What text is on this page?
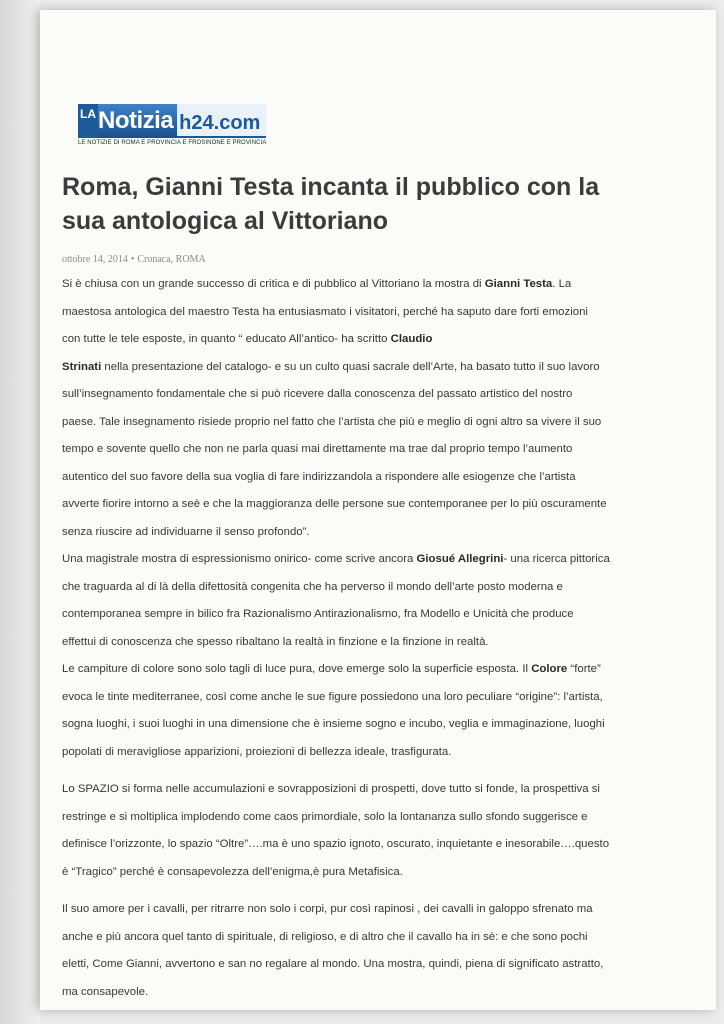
LA Notizia h24.com
LE NOTIZIE DI ROMA E PROVINCIA E FROSINONE E PROVINCIA
Roma, Gianni Testa incanta il pubblico con la sua antologica al Vittoriano
ottobre 14, 2014 • Cronaca, ROMA

Si è chiusa con un grande successo di critica e di pubblico al Vittoriano la mostra di Gianni Testa. La
maestosa antologica del maestro Testa ha entusiasmato i visitatori, perché ha saputo dare forti emozioni
con tutte le tele esposte, in quanto “ educato All’antico- ha scritto Claudio
Strinati nella presentazione del catalogo- e su un culto quasi sacrale dell’Arte, ha basato tutto il suo lavoro
sull’insegnamento fondamentale che si può ricevere dalla conoscenza del passato artistico del nostro
paese. Tale insegnamento risiede proprio nel fatto che l’artista che più e meglio di ogni altro sa vivere il suo
tempo e sovente quello che non ne parla quasi mai direttamente ma trae dal proprio tempo l’aumento
autentico del suo favore della sua voglia di fare indirizzandola a rispondere alle esiogenze che l’artista
avverte fiorire intorno a seè e che la maggioranza delle persone sue contemporanee per lo più oscuramente
senza riuscire ad individuarne il senso profondo”.

Una magistrale mostra di espressionismo onirico- come scrive ancora Giosué Allegrini- una ricerca pittorica
che traguarda al di là della difettosità congenita che ha perverso il mondo dell’arte posto moderna e
contemporanea sempre in bilico fra Razionalismo Antirazionalismo, fra Modello e Unicità che produce
effettui di conoscenza che spesso ribaltano la realtà in finzione e la finzione in realtà.

Le campiture di colore sono solo tagli di luce pura, dove emerge solo la superficie esposta. Il Colore “forte”
evoca le tinte mediterranee, così come anche le sue figure possiedono una loro peculiare “origine”: l’artista,
sogna luoghi, i suoi luoghi in una dimensione che è insieme sogno e incubo, veglia e immaginazione, luoghi
popolati di meravigliose apparizioni, proiezioni di bellezza ideale, trasfigurata.

Lo SPAZIO si forma nelle accumulazioni e sovrapposizioni di prospetti, dove tutto si fonde, la prospettiva si
restringe e si moltiplica implodendo come caos primordiale, solo la lontananza sullo sfondo suggerisce e
definisce l’orizzonte, lo spazio “Oltre”….ma è uno spazio ignoto, oscurato, inquietante e inesorabile….questo
è “Tragico” perché è consapevolezza dell’enigma,è pura Metafisica.

Il suo amore per i cavalli, per ritrarre non solo i corpi, pur così rapinosi , dei cavalli in galoppo sfrenato ma
anche e più ancora quel tanto di spirituale, di religioso, e di altro che il cavallo ha in sè: e che sono pochi
eletti, Come Gianni, avvertono e san no regalare al mondo. Una mostra, quindi, piena di significato astratto,
ma consapevole.
